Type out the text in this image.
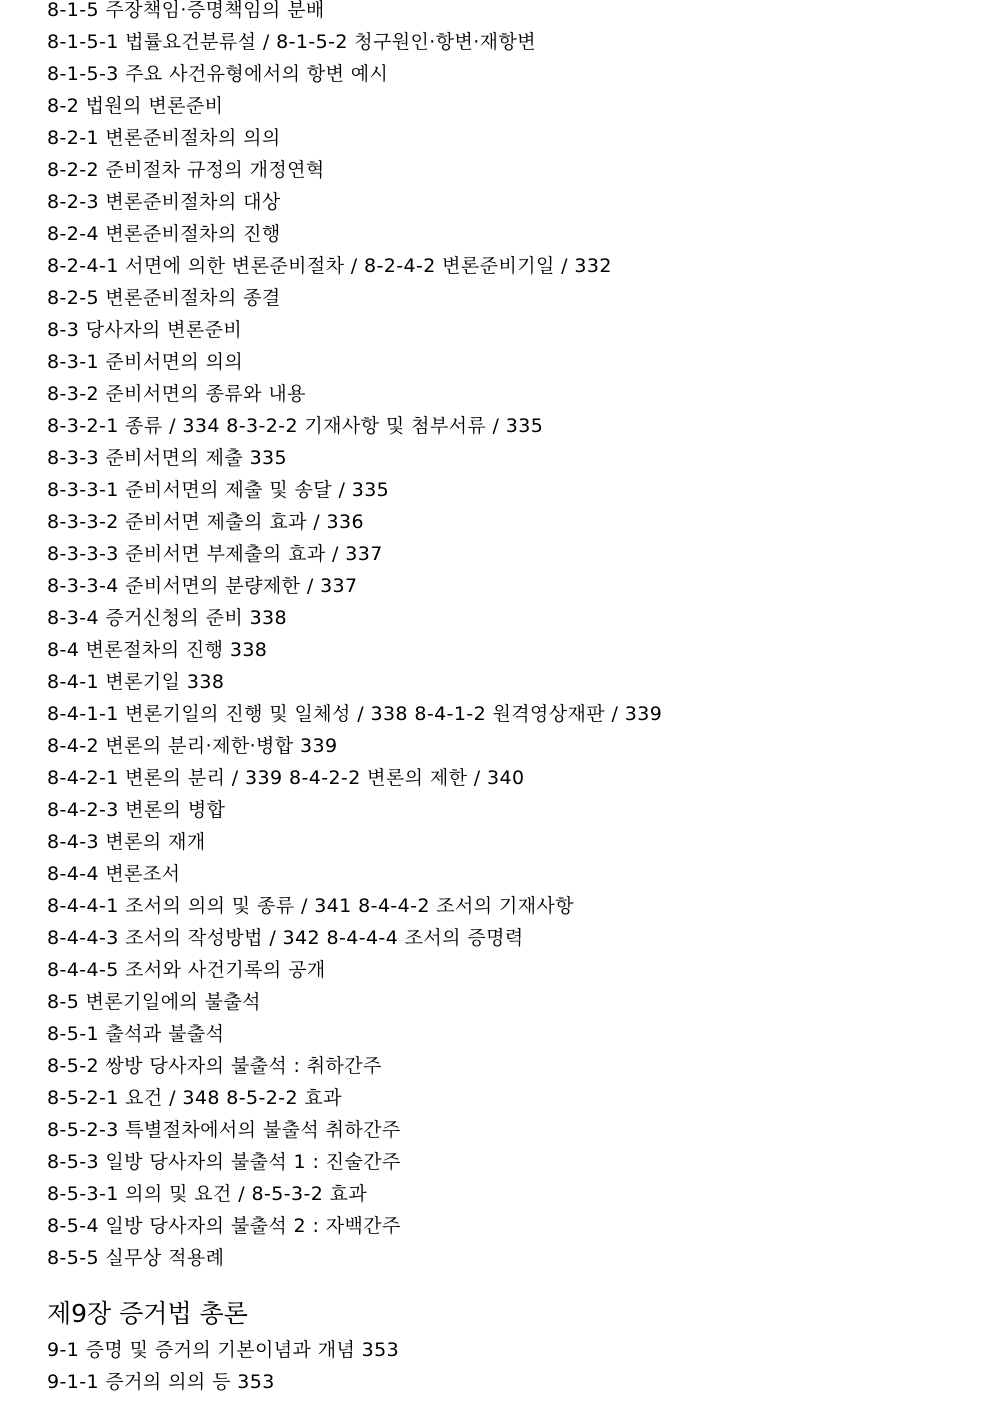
8-1-5 주장책임·증명책임의 분배
8-1-5-1 법률요건분류설 / 8-1-5-2 청구원인·항변·재항변
8-1-5-3 주요 사건유형에서의 항변 예시
8-2 법원의 변론준비
8-2-1 변론준비절차의 의의
8-2-2 준비절차 규정의 개정연혁
8-2-3 변론준비절차의 대상
8-2-4 변론준비절차의 진행
8-2-4-1 서면에 의한 변론준비절차 / 8-2-4-2 변론준비기일 / 332
8-2-5 변론준비절차의 종결
8-3 당사자의 변론준비
8-3-1 준비서면의 의의
8-3-2 준비서면의 종류와 내용
8-3-2-1 종류 / 334 8-3-2-2 기재사항 및 첨부서류 / 335
8-3-3 준비서면의 제출 335
8-3-3-1 준비서면의 제출 및 송달 / 335
8-3-3-2 준비서면 제출의 효과 / 336
8-3-3-3 준비서면 부제출의 효과 / 337
8-3-3-4 준비서면의 분량제한 / 337
8-3-4 증거신청의 준비 338
8-4 변론절차의 진행 338
8-4-1 변론기일 338
8-4-1-1 변론기일의 진행 및 일체성 / 338 8-4-1-2 원격영상재판 / 339
8-4-2 변론의 분리·제한·병합 339
8-4-2-1 변론의 분리 / 339 8-4-2-2 변론의 제한 / 340
8-4-2-3 변론의 병합
8-4-3 변론의 재개
8-4-4 변론조서
8-4-4-1 조서의 의의 및 종류 / 341 8-4-4-2 조서의 기재사항
8-4-4-3 조서의 작성방법 / 342 8-4-4-4 조서의 증명력
8-4-4-5 조서와 사건기록의 공개
8-5 변론기일에의 불출석
8-5-1 출석과 불출석
8-5-2 쌍방 당사자의 불출석 : 취하간주
8-5-2-1 요건 / 348 8-5-2-2 효과
8-5-2-3 특별절차에서의 불출석 취하간주
8-5-3 일방 당사자의 불출석 1 : 진술간주
8-5-3-1 의의 및 요건 / 8-5-3-2 효과
8-5-4 일방 당사자의 불출석 2 : 자백간주
8-5-5 실무상 적용례
제9장 증거법 총론
9-1 증명 및 증거의 기본이념과 개념 353
9-1-1 증거의 의의 등 353
